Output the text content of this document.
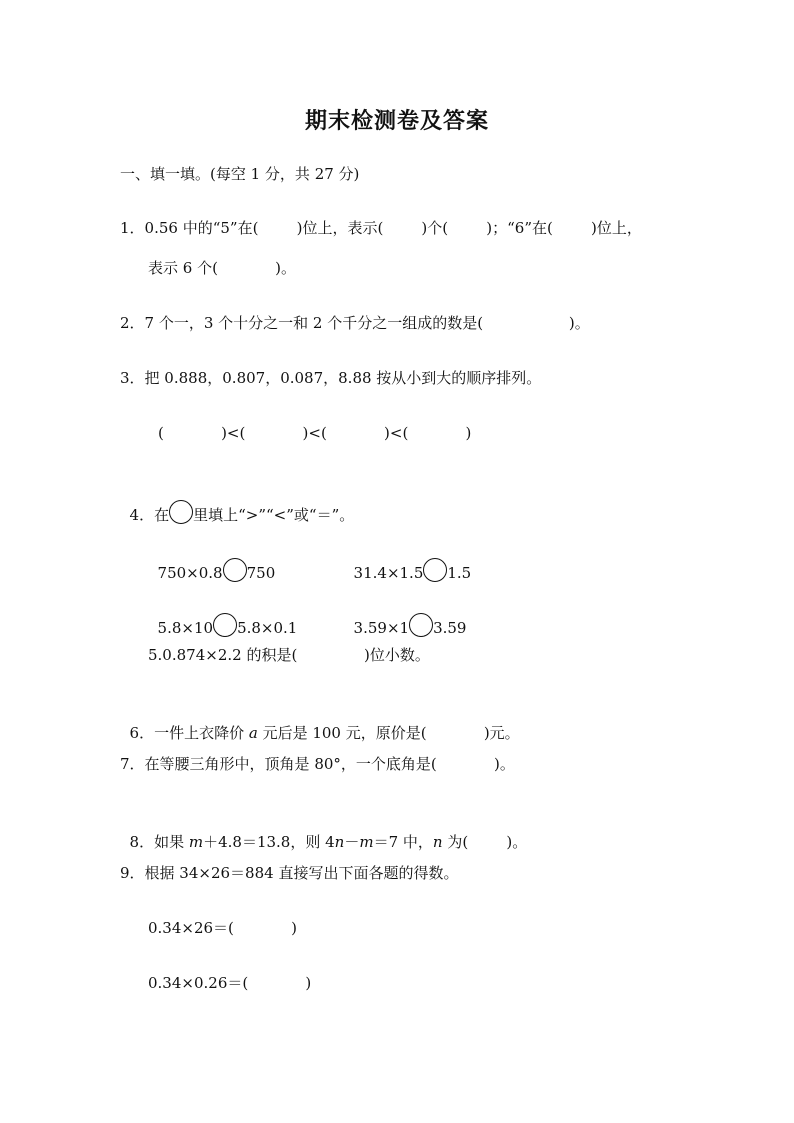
期末检测卷及答案
一、填一填。(每空 1 分，共 27 分)
1．0.56 中的“5”在(        )位上，表示(        )个(        )；“6”在(        )位上，
表示 6 个(            )。
2．7 个一，3 个十分之一和 2 个千分之一组成的数是(                  )。
3．把 0.888，0.807，0.087，8.88 按从小到大的顺序排列。
(            )<(            )<(            )<(            )

4．在 里填上“>”“<”或“＝”。

750×0.8 750	31.4×1.5 1.5

5.8×10 5.8×0.1	3.59×1 3.59

5.0.874×2.2 的积是(              )位小数。

6．一件上衣降价 a 元后是 100 元，原价是(            )元。

7．在等腰三角形中，顶角是 80°，一个底角是(            )。

8．如果 m＋4.8＝13.8，则 4n－m＝7 中，n 为(        )。

9．根据 34×26＝884 直接写出下面各题的得数。
0.34×26＝(            )
0.34×0.26＝(            )
